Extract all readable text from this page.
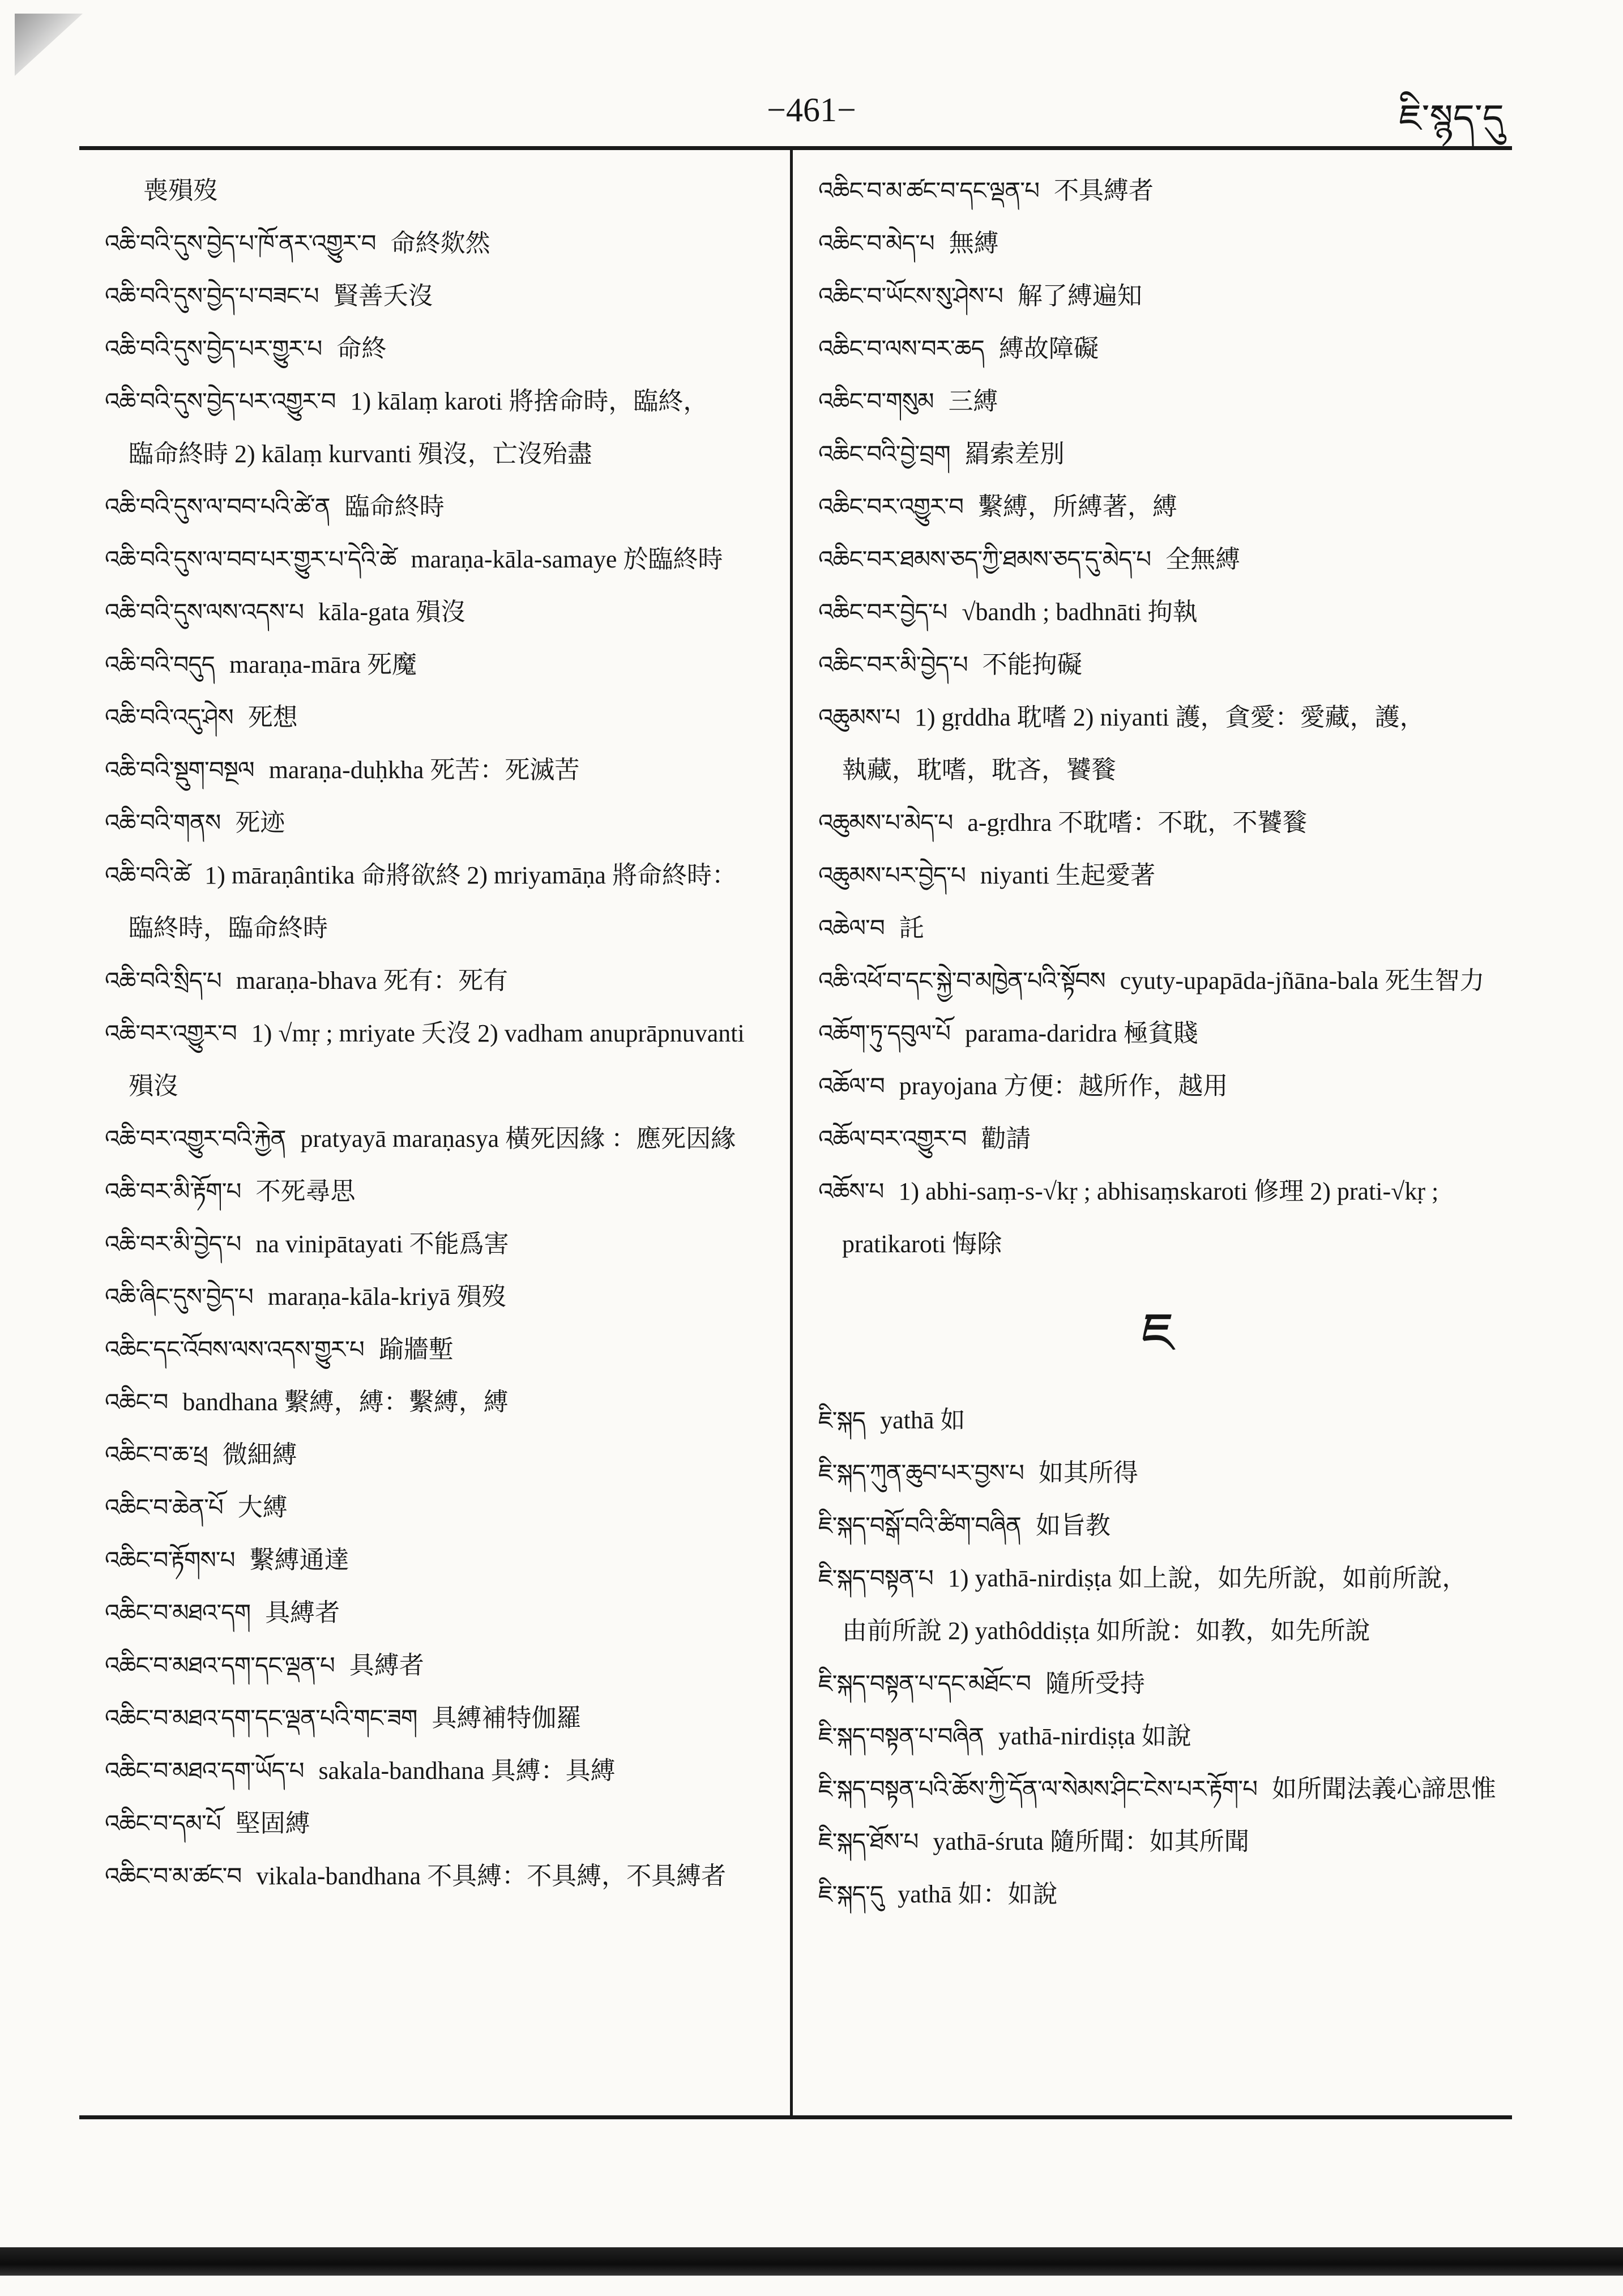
−461−	ཇི་སྙད་དུ

喪殞歿

འཆི་བའི་དུས་བྱེད་པ་ཁོ་ནར་འགྱུར་བ 命終欻然

འཆི་བའི་དུས་བྱེད་པ་བཟང་པ 賢善夭沒

འཆི་བའི་དུས་བྱེད་པར་གྱུར་པ 命終

འཆི་བའི་དུས་བྱེད་པར་འགྱུར་བ 1) kālaṃ karoti 將捨命時，臨終，臨命終時 2) kālaṃ kurvanti 殞沒，亡沒殆盡

འཆི་བའི་དུས་ལ་བབ་པའི་ཚེ་ན 臨命終時

འཆི་བའི་དུས་ལ་བབ་པར་གྱུར་པ་དེའི་ཚེ maraṇa-kāla-samaye 於臨終時

འཆི་བའི་དུས་ལས་འདས་པ kāla-gata 殞沒

འཆི་བའི་བདུད maraṇa-māra 死魔

འཆི་བའི་འདུ་ཤེས 死想

འཆི་བའི་སྡུག་བསྔལ maraṇa-duḥkha 死苦：死滅苦

འཆི་བའི་གནས 死迹

འཆི་བའི་ཚེ 1) māraṇântika 命將欲終 2) mriyamāṇa 將命終時：臨終時，臨命終時

འཆི་བའི་སྲིད་པ maraṇa-bhava 死有：死有

འཆི་བར་འགྱུར་བ 1) √mṛ ; mriyate 夭沒 2) vadham anuprāpnuvanti 殞沒

འཆི་བར་འགྱུར་བའི་རྐྱེན pratyayā maraṇasya 橫死因緣 ：應死因緣

འཆི་བར་མི་རྟོག་པ 不死尋思

འཆི་བར་མི་བྱེད་པ na vinipātayati 不能爲害

འཆི་ཞིང་དུས་བྱེད་པ maraṇa-kāla-kriyā 殞歿

འཆིང་དང་འོབས་ལས་འདས་གྱུར་པ 踰牆塹

འཆིང་བ bandhana 繫縛，縛：繫縛，縛

འཆིང་བ་ཆ་ཕྲ 微細縛

འཆིང་བ་ཆེན་པོ 大縛

འཆིང་བ་རྟོགས་པ 繫縛通達

འཆིང་བ་མཐའ་དག 具縛者

འཆིང་བ་མཐའ་དག་དང་ལྡན་པ 具縛者

འཆིང་བ་མཐའ་དག་དང་ལྡན་པའི་གང་ཟག 具縛補特伽羅

འཆིང་བ་མཐའ་དག་ཡོད་པ sakala-bandhana 具縛：具縛

འཆིང་བ་དམ་པོ 堅固縛

འཆིང་བ་མ་ཚང་བ vikala-bandhana 不具縛：不具縛，不具縛者

འཆིང་བ་མ་ཚང་བ་དང་ལྡན་པ 不具縛者

འཆིང་བ་མེད་པ 無縛

འཆིང་བ་ཡོངས་སུ་ཤེས་པ 解了縛遍知

འཆིང་བ་ལས་བར་ཆད 縛故障礙

འཆིང་བ་གསུམ 三縛

འཆིང་བའི་བྱེ་བྲག 羂索差別

འཆིང་བར་འགྱུར་བ 繫縛，所縛著，縛

འཆིང་བར་ཐམས་ཅད་ཀྱི་ཐམས་ཅད་དུ་མེད་པ 全無縛

འཆིང་བར་བྱེད་པ √bandh ; badhnāti 拘執

འཆིང་བར་མི་བྱེད་པ 不能拘礙

འཆུམས་པ 1) gṛddha 耽嗜 2) niyanti 護，貪愛：愛藏，護，執藏，耽嗜，耽吝，饕餮

འཆུམས་པ་མེད་པ a-gṛdhra 不耽嗜：不耽，不饕餮

འཆུམས་པར་བྱེད་པ niyanti 生起愛著

འཆེལ་བ 託

འཆི་འཕོ་བ་དང་སྐྱེ་བ་མཁྱེན་པའི་སྟོབས cyuty-upapāda-jñāna-bala 死生智力

འཆོག་ཏུ་དབུལ་པོ parama-daridra 極貧賤

འཆོལ་བ prayojana 方便：越所作，越用

འཆོལ་བར་འགྱུར་བ 勸請

འཆོས་པ 1) abhi-saṃ-s-√kṛ ; abhisaṃskaroti 修理 2) prati-√kṛ ; pratikaroti 悔除

ཇ

ཇི་སྐད yathā 如

ཇི་སྐད་ཀུན་ཆུབ་པར་བྱས་པ 如其所得

ཇི་སྐད་བསྒོ་བའི་ཚིག་བཞིན 如旨教

ཇི་སྐད་བསྟན་པ 1) yathā-nirdiṣṭa 如上說，如先所說，如前所說，由前所說 2) yathôddiṣṭa 如所說：如教，如先所說

ཇི་སྐད་བསྟན་པ་དང་མཐོང་བ 隨所受持

ཇི་སྐད་བསྟན་པ་བཞིན yathā-nirdiṣṭa 如說

ཇི་སྐད་བསྟན་པའི་ཆོས་ཀྱི་དོན་ལ་སེམས་ཤིང་ངེས་པར་རྟོག་པ 如所聞法義心諦思惟

ཇི་སྐད་ཐོས་པ yathā-śruta 隨所聞：如其所聞

ཇི་སྐད་དུ yathā 如：如說
